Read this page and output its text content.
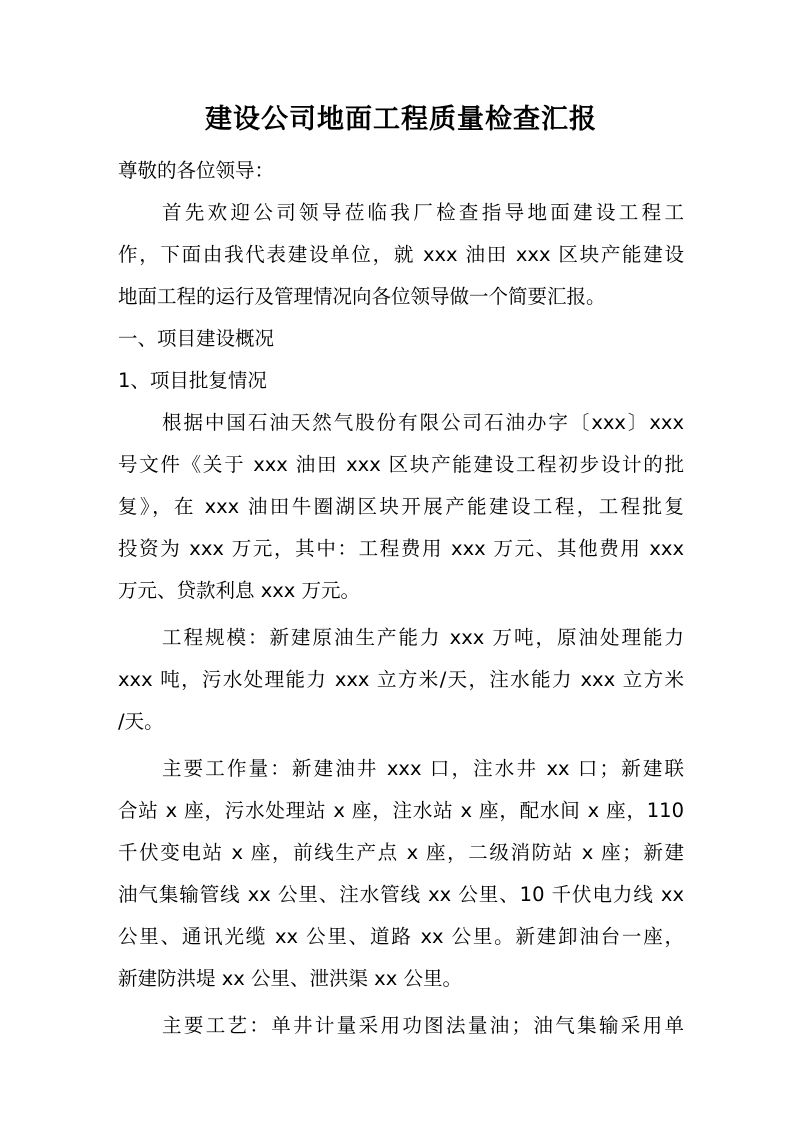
建设公司地面工程质量检查汇报
尊敬的各位领导：
首先欢迎公司领导莅临我厂检查指导地面建设工程工
作，下面由我代表建设单位，就 xxx 油田 xxx 区块产能建设
地面工程的运行及管理情况向各位领导做一个简要汇报。
一、项目建设概况
1、项目批复情况
根据中国石油天然气股份有限公司石油办字〔xxx〕xxx
号文件《关于 xxx 油田 xxx 区块产能建设工程初步设计的批
复》，在 xxx 油田牛圈湖区块开展产能建设工程，工程批复
投资为 xxx 万元，其中：工程费用 xxx 万元、其他费用 xxx
万元、贷款利息 xxx 万元。
工程规模：新建原油生产能力 xxx 万吨，原油处理能力
xxx 吨，污水处理能力 xxx 立方米/天，注水能力 xxx 立方米
/天。
主要工作量：新建油井 xxx 口，注水井 xx 口；新建联
合站 x 座，污水处理站 x 座，注水站 x 座，配水间 x 座，110
千伏变电站 x 座，前线生产点 x 座，二级消防站 x 座；新建
油气集输管线 xx 公里、注水管线 xx 公里、10 千伏电力线 xx
公里、通讯光缆 xx 公里、道路 xx 公里。新建卸油台一座，
新建防洪堤 xx 公里、泄洪渠 xx 公里。
主要工艺：单井计量采用功图法量油；油气集输采用单
